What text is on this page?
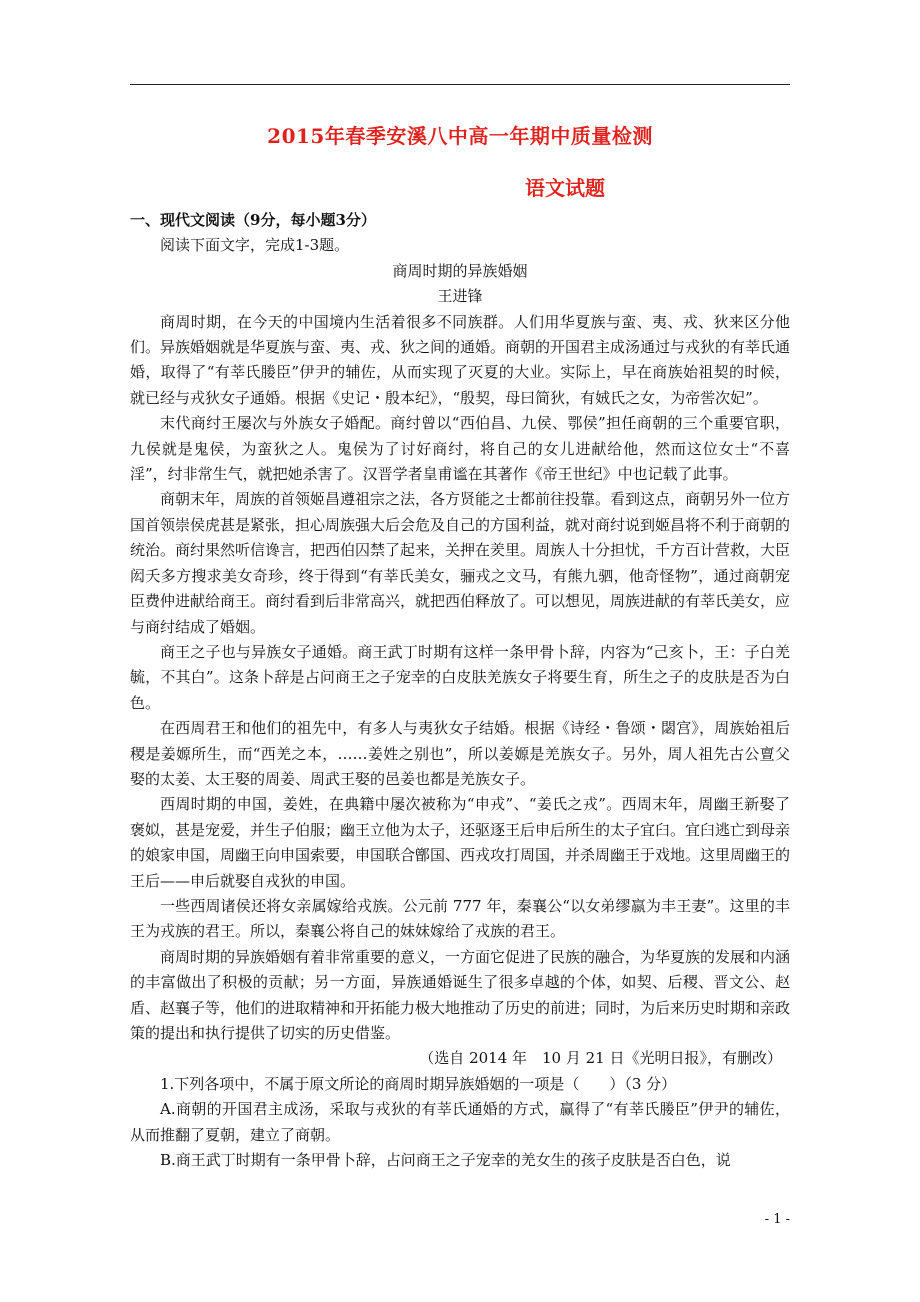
2015年春季安溪八中高一年期中质量检测
语文试题

一、现代文阅读（9分，每小题3分）

阅读下面文字，完成1-3题。

商周时期的异族婚姻

王进锋

商周时期，在今天的中国境内生活着很多不同族群。人们用华夏族与蛮、夷、戎、狄来区分他们。异族婚姻就是华夏族与蛮、夷、戎、狄之间的通婚。商朝的开国君主成汤通过与戎狄的有莘氏通婚，取得了“有莘氏媵臣”伊尹的辅佐，从而实现了灭夏的大业。实际上，早在商族始祖契的时候，就已经与戎狄女子通婚。根据《史记・殷本纪》，“殷契，母曰简狄，有娀氏之女，为帝喾次妃”。

末代商纣王屡次与外族女子婚配。商纣曾以“西伯昌、九侯、鄂侯”担任商朝的三个重要官职，九侯就是鬼侯，为蛮狄之人。鬼侯为了讨好商纣，将自己的女儿进献给他，然而这位女士“不喜淫”，纣非常生气，就把她杀害了。汉晋学者皇甫谧在其著作《帝王世纪》中也记载了此事。

商朝末年，周族的首领姬昌遵祖宗之法，各方贤能之士都前往投靠。看到这点，商朝另外一位方国首领崇侯虎甚是紧张，担心周族强大后会危及自己的方国利益，就对商纣说到姬昌将不利于商朝的统治。商纣果然听信谗言，把西伯囚禁了起来，关押在羑里。周族人十分担忧，千方百计营救，大臣闳夭多方搜求美女奇珍，终于得到“有莘氏美女，骊戎之文马，有熊九驷，他奇怪物”，通过商朝宠臣费仲进献给商王。商纣看到后非常高兴，就把西伯释放了。可以想见，周族进献的有莘氏美女，应与商纣结成了婚姻。

商王之子也与异族女子通婚。商王武丁时期有这样一条甲骨卜辞，内容为“己亥卜，王：子白羌毓，不其白”。这条卜辞是占问商王之子宠幸的白皮肤羌族女子将要生育，所生之子的皮肤是否为白色。

在西周君王和他们的祖先中，有多人与夷狄女子结婚。根据《诗经・鲁颂・閟宫》，周族始祖后稷是姜嫄所生，而“西羌之本，……姜姓之别也”，所以姜嫄是羌族女子。另外，周人祖先古公亶父娶的太姜、太王娶的周姜、周武王娶的邑姜也都是羌族女子。

西周时期的申国，姜姓，在典籍中屡次被称为“申戎”、“姜氏之戎”。西周末年，周幽王新娶了褒姒，甚是宠爱，并生子伯服；幽王立他为太子，还驱逐王后申后所生的太子宜臼。宜臼逃亡到母亲的娘家申国，周幽王向申国索要，申国联合鄫国、西戎攻打周国，并杀周幽王于戏地。这里周幽王的王后——申后就娶自戎狄的申国。

一些西周诸侯还将女亲属嫁给戎族。公元前 777 年，秦襄公“以女弟缪嬴为丰王妻”。这里的丰王为戎族的君王。所以，秦襄公将自己的妹妹嫁给了戎族的君王。

商周时期的异族婚姻有着非常重要的意义，一方面它促进了民族的融合，为华夏族的发展和内涵的丰富做出了积极的贡献；另一方面，异族通婚诞生了很多卓越的个体，如契、后稷、晋文公、赵盾、赵襄子等，他们的进取精神和开拓能力极大地推动了历史的前进；同时，为后来历史时期和亲政策的提出和执行提供了切实的历史借鉴。

（选自 2014 年　10 月 21 日《光明日报》，有删改）

1.下列各项中，不属于原文所论的商周时期异族婚姻的一项是（　　）（3 分）

A.商朝的开国君主成汤，采取与戎狄的有莘氏通婚的方式，赢得了“有莘氏媵臣”伊尹的辅佐，从而推翻了夏朝，建立了商朝。

B.商王武丁时期有一条甲骨卜辞，占问商王之子宠幸的羌女生的孩子皮肤是否白色，说

- 1 -
